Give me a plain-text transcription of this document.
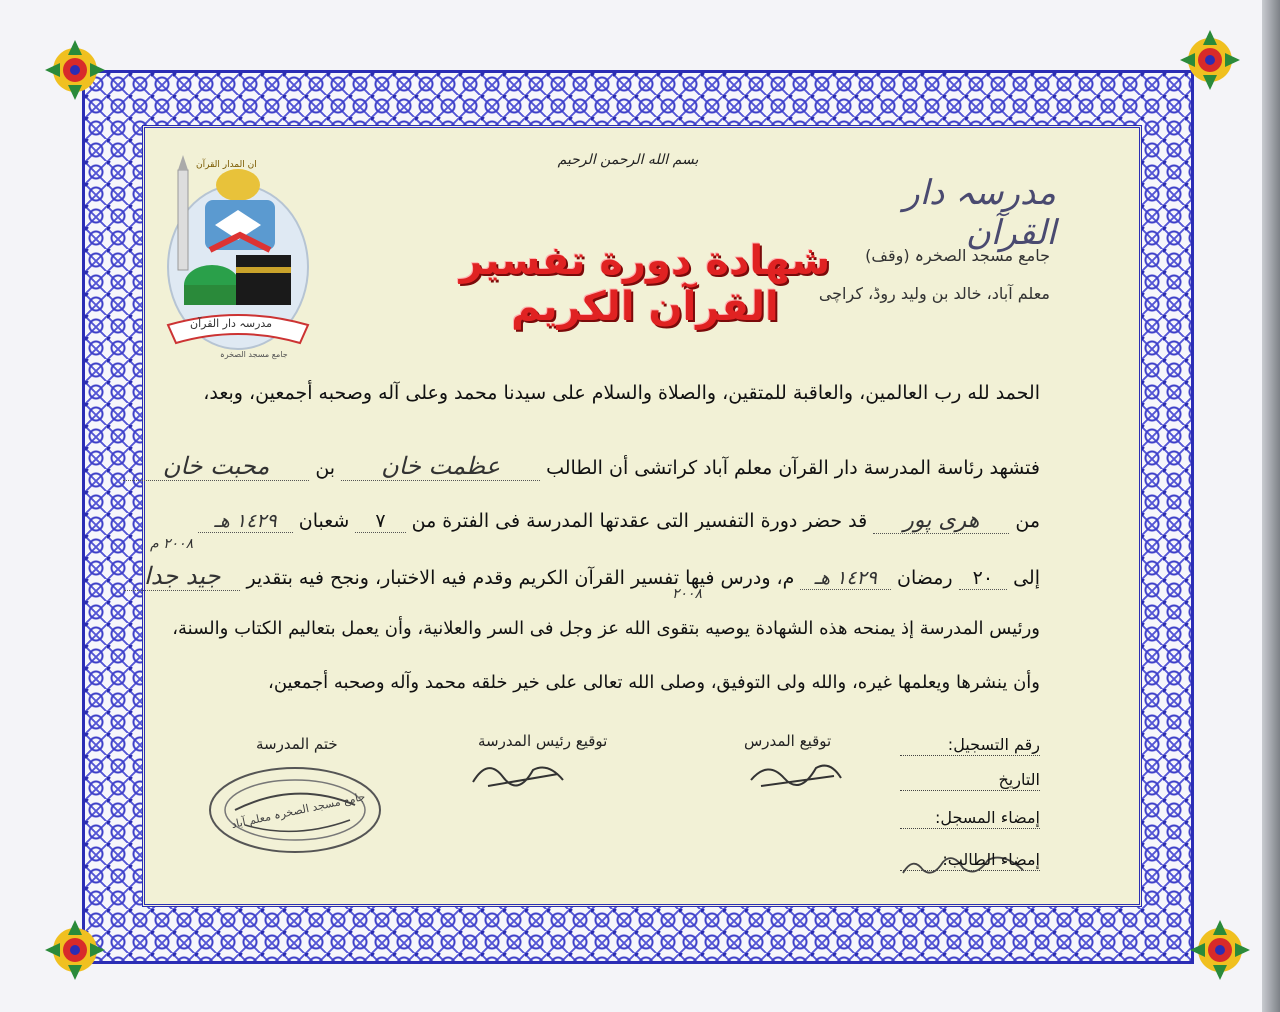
ان المدار القرآن
مدرسہ دار القرآن
جامع مسجد الصخرہ
بسم الله الرحمن الرحيم
مدرسہ دار القرآن
جامع مسجد الصخرہ (وقف)
معلم آباد، خالد بن ولید روڈ، کراچی
شهادة دورة تفسير القرآن الكريم
الحمد لله رب العالمين، والعاقبة للمتقين، والصلاة والسلام على سيدنا محمد وعلى آله وصحبه أجمعين، وبعد،
فتشهد رئاسة المدرسة دار القرآن معلم آباد كراتشى أن الطالب عظمت خان بن محبت خان
من هری پور قد حضر دورة التفسير التى عقدتها المدرسة فى الفترة من ٧ شعبان ١٤٢٩ هـ
٢٠٠٨ م
إلى ٢٠ رمضان ١٤٢٩ هـ م، ودرس فيها تفسير القرآن الكريم وقدم فيه الاختبار، ونجح فيه بتقدير جيد جدا
٢٠٠٨
ورئيس المدرسة إذ يمنحه هذه الشهادة يوصيه بتقوى الله عز وجل فى السر والعلانية، وأن يعمل بتعاليم الكتاب والسنة،
وأن ينشرها ويعلمها غيره، والله ولى التوفيق، وصلى الله تعالى على خير خلقه محمد وآله وصحبه أجمعين،
ختم المدرسة	توقيع رئيس المدرسة	توقيع المدرس
جامع مسجد الصخرہ معلم آباد
رقم التسجيل:
التاريخ
إمضاء المسجل:
إمضاء الطالب:
